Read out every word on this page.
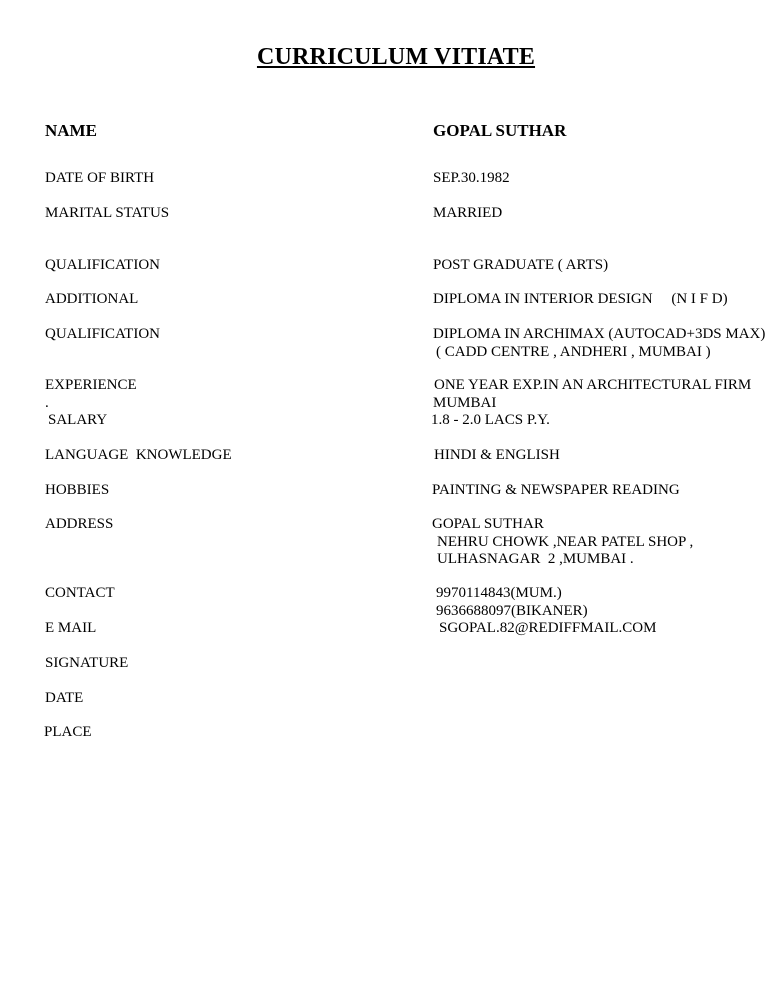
CURRICULUM VITIATE
NAME	GOPAL SUTHAR
DATE OF BIRTH	SEP.30.1982
MARITAL STATUS	MARRIED
QUALIFICATION	POST GRADUATE ( ARTS)
ADDITIONAL	DIPLOMA IN INTERIOR DESIGN     (N I F D)
QUALIFICATION	DIPLOMA IN ARCHIMAX (AUTOCAD+3DS MAX)
( CADD CENTRE , ANDHERI , MUMBAI )
EXPERIENCE	ONE YEAR EXP.IN AN ARCHITECTURAL FIRM
MUMBAI
.
SALARY	1.8 - 2.0 LACS P.Y.
LANGUAGE  KNOWLEDGE	HINDI & ENGLISH
HOBBIES	PAINTING & NEWSPAPER READING
ADDRESS	GOPAL SUTHAR
NEHRU CHOWK ,NEAR PATEL SHOP ,
ULHASNAGAR  2 ,MUMBAI .
CONTACT	9970114843(MUM.)
9636688097(BIKANER)
E MAIL	SGOPAL.82@REDIFFMAIL.COM
SIGNATURE
DATE
PLACE
